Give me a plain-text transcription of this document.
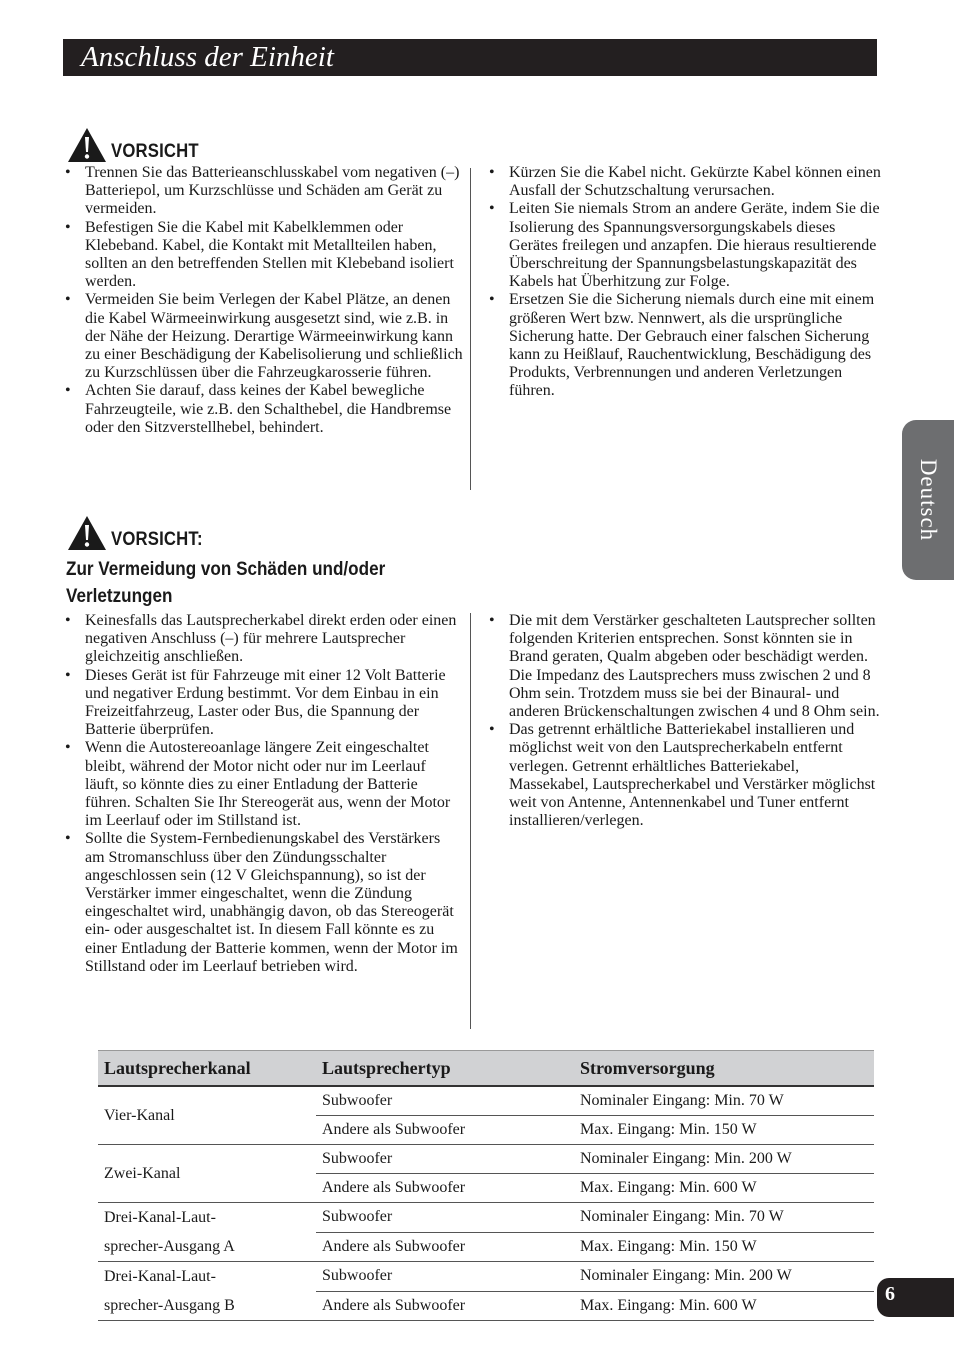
Anschluss der Einheit
Deutsch
VORSICHT
• Trennen Sie das Batterieanschlusskabel vom negativen (–) Batteriepol, um Kurzschlüsse und Schäden am Gerät zu vermeiden.
• Befestigen Sie die Kabel mit Kabelklemmen oder Klebeband. Kabel, die Kontakt mit Metallteilen haben, sollten an den betreffenden Stellen mit Klebeband isoliert werden.
• Vermeiden Sie beim Verlegen der Kabel Plätze, an denen die Kabel Wärmeeinwirkung ausgesetzt sind, wie z.B. in der Nähe der Heizung. Derartige Wärmeeinwirkung kann zu einer Beschädigung der Kabelisolierung und schließlich zu Kurzschlüssen über die Fahrzeugkarosserie führen.
• Achten Sie darauf, dass keines der Kabel bewegliche Fahrzeugteile, wie z.B. den Schalthebel, die Handbremse oder den Sitzverstellhebel, behindert.
• Kürzen Sie die Kabel nicht. Gekürzte Kabel können einen Ausfall der Schutzschaltung verursachen.
• Leiten Sie niemals Strom an andere Geräte, indem Sie die Isolierung des Spannungsversorgungskabels dieses Gerätes freilegen und anzapfen. Die hieraus resultierende Überschreitung der Spannungsbelastungskapazität des Kabels hat Überhitzung zur Folge.
• Ersetzen Sie die Sicherung niemals durch eine mit einem größeren Wert bzw. Nennwert, als die ursprüngliche Sicherung hatte. Der Gebrauch einer falschen Sicherung kann zu Heißlauf, Rauchentwicklung, Beschädigung des Produkts, Verbrennungen und anderen Verletzungen führen.
VORSICHT:
Zur Vermeidung von Schäden und/oder Verletzungen
• Keinesfalls das Lautsprecherkabel direkt erden oder einen negativen Anschluss (–) für mehrere Lautsprecher gleichzeitig anschließen.
• Dieses Gerät ist für Fahrzeuge mit einer 12 Volt Batterie und negativer Erdung bestimmt. Vor dem Einbau in ein Freizeitfahrzeug, Laster oder Bus, die Spannung der Batterie überprüfen.
• Wenn die Autostereoanlage längere Zeit eingeschaltet bleibt, während der Motor nicht oder nur im Leerlauf läuft, so könnte dies zu einer Entladung der Batterie führen. Schalten Sie Ihr Stereogerät aus, wenn der Motor im Leerlauf oder im Stillstand ist.
• Sollte die System-Fernbedienungskabel des Verstärkers am Stromanschluss über den Zündungsschalter angeschlossen sein (12 V Gleichspannung), so ist der Verstärker immer eingeschaltet, wenn die Zündung eingeschaltet wird, unabhängig davon, ob das Stereogerät ein- oder ausgeschaltet ist. In diesem Fall könnte es zu einer Entladung der Batterie kommen, wenn der Motor im Stillstand oder im Leerlauf betrieben wird.
• Die mit dem Verstärker geschalteten Lautsprecher sollten folgenden Kriterien entsprechen. Sonst könnten sie in Brand geraten, Qualm abgeben oder beschädigt werden. Die Impedanz des Lautsprechers muss zwischen 2 und 8 Ohm sein. Trotzdem muss sie bei der Binaural- und anderen Brückenschaltungen zwischen 4 und 8 Ohm sein.
• Das getrennt erhältliche Batteriekabel installieren und möglichst weit von den Lautsprecherkabeln entfernt verlegen. Getrennt erhältliches Batteriekabel, Massekabel, Lautsprecherkabel und Verstärker möglichst weit von Antenne, Antennenkabel und Tuner entfernt installieren/verlegen.
Lautsprecherkanal	Lautsprechertyp	Stromversorgung

Vier-Kanal	Subwoofer	Nominaler Eingang: Min. 70 W
	Andere als Subwoofer	Max. Eingang: Min. 150 W

Zwei-Kanal	Subwoofer	Nominaler Eingang: Min. 200 W
	Andere als Subwoofer	Max. Eingang: Min. 600 W

Drei-Kanal-Laut-
sprecher-Ausgang A	Subwoofer	Nominaler Eingang: Min. 70 W
	Andere als Subwoofer	Max. Eingang: Min. 150 W

Drei-Kanal-Laut-
sprecher-Ausgang B	Subwoofer	Nominaler Eingang: Min. 200 W
	Andere als Subwoofer	Max. Eingang: Min. 600 W
6
